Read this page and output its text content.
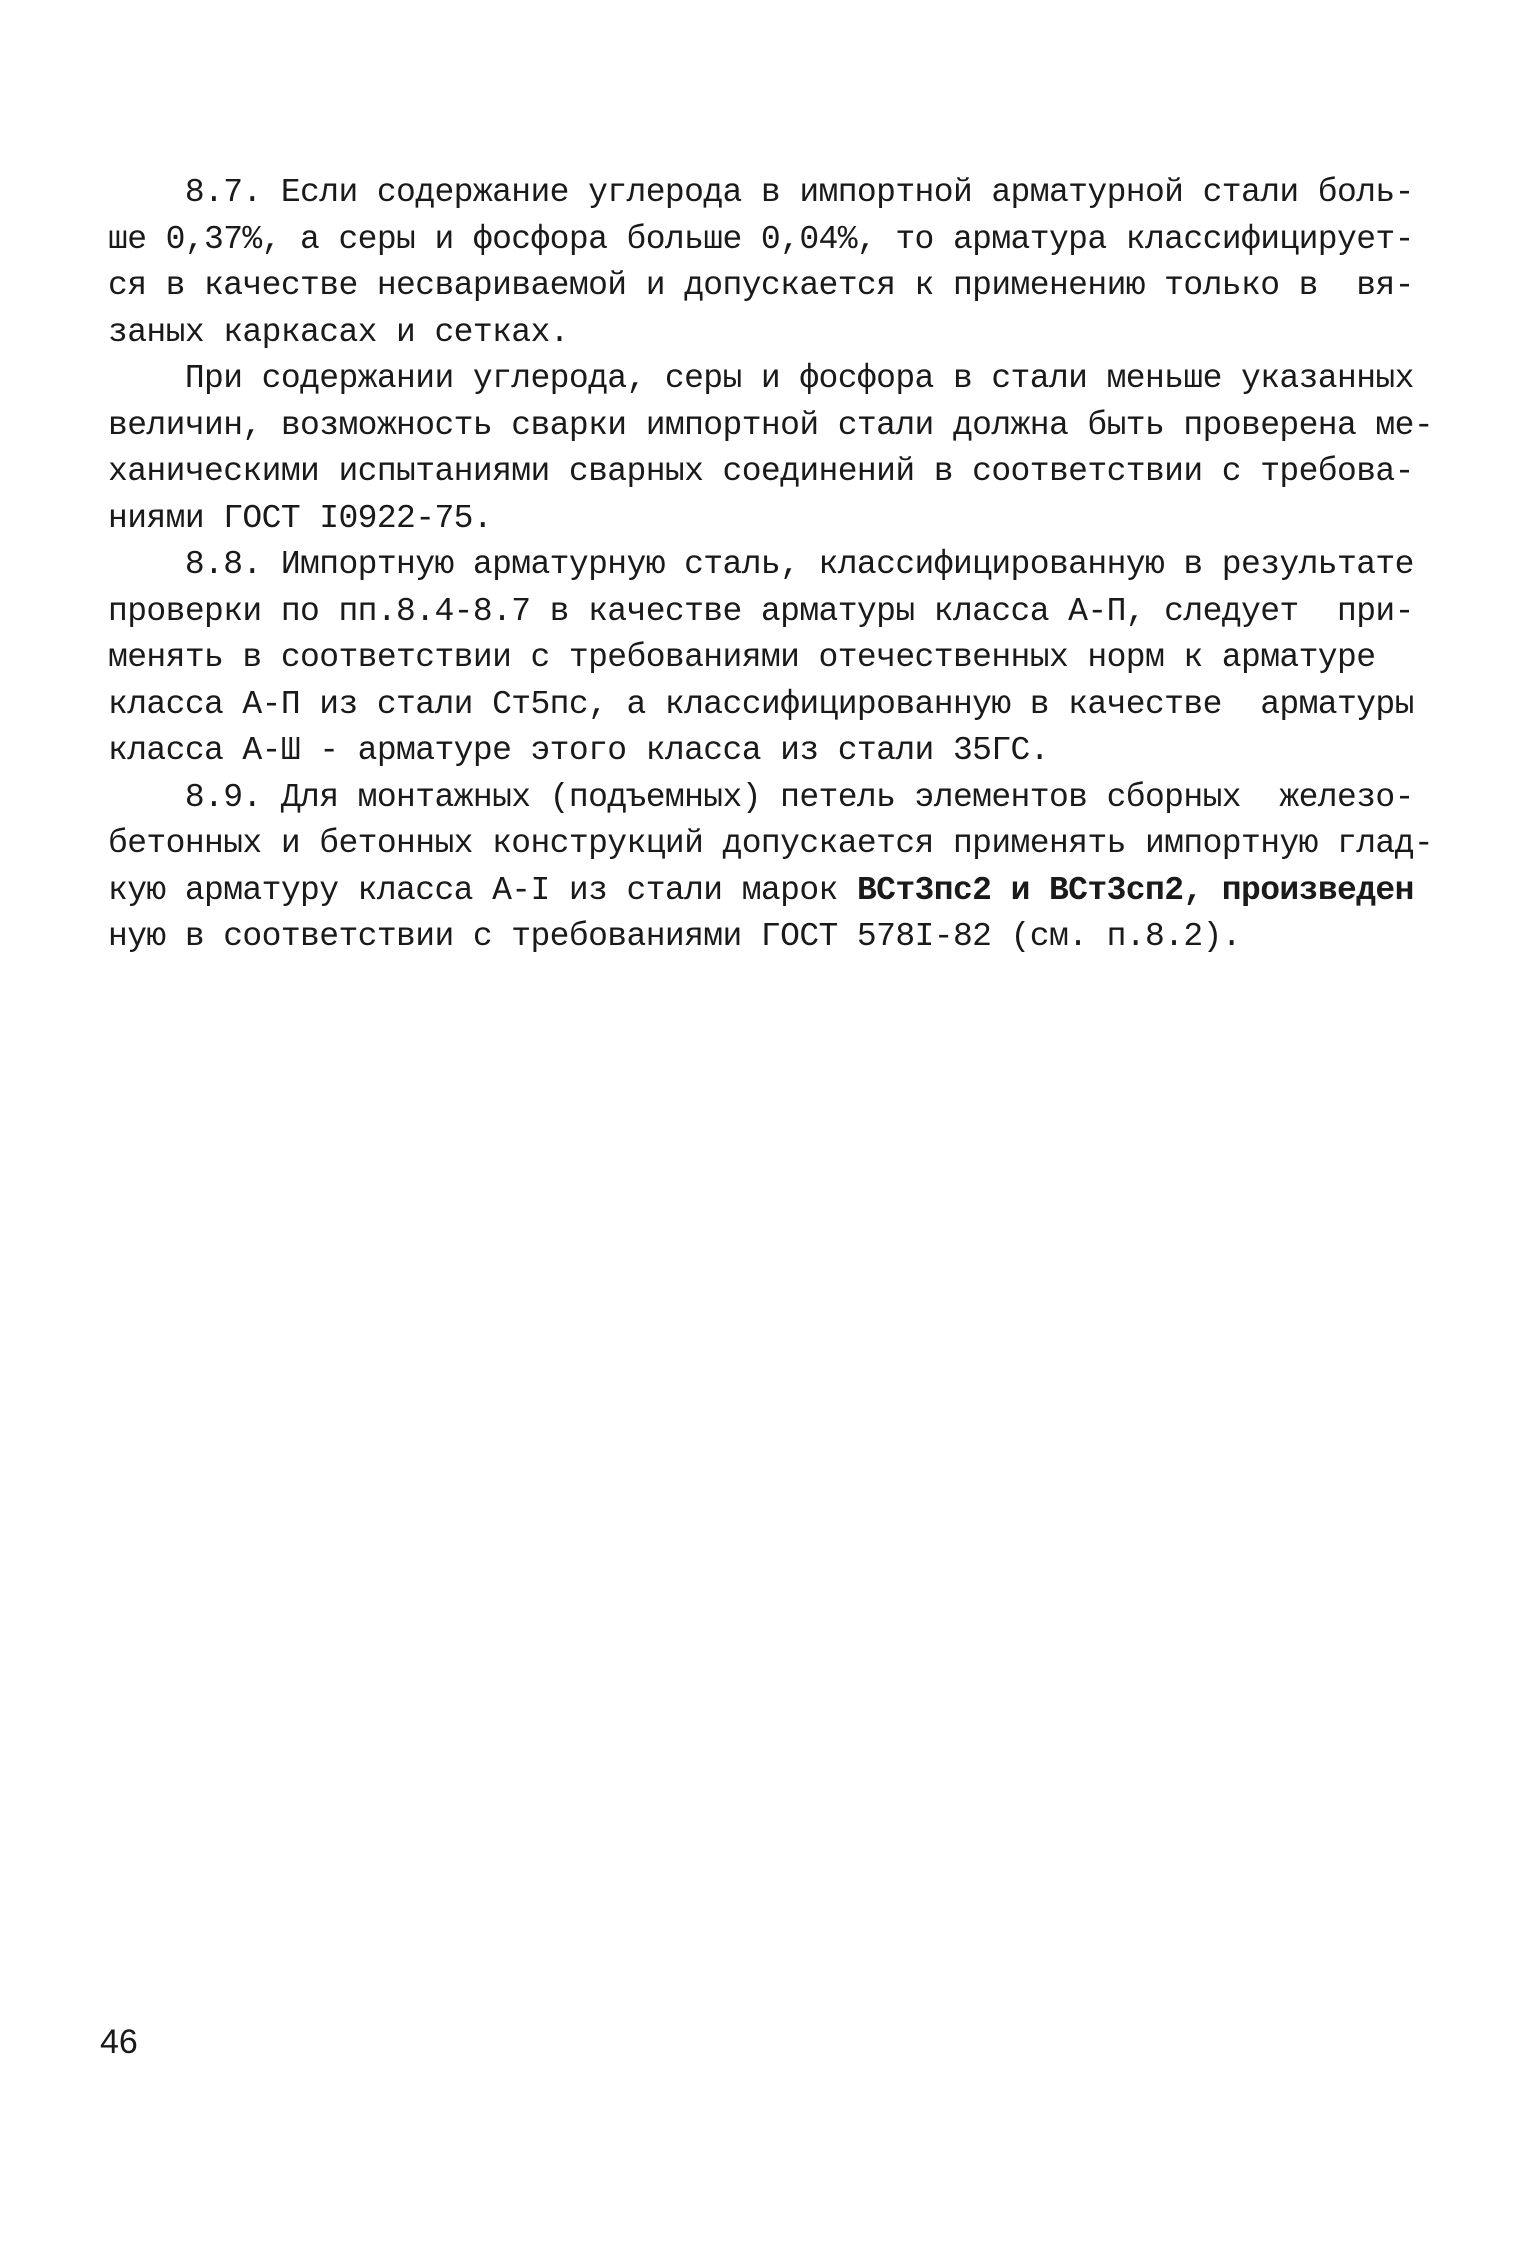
8.7. Если содержание углерода в импортной арматурной стали боль-
ше 0,37%, а серы и фосфора больше 0,04%, то арматура классифицирует-
ся в качестве несвариваемой и допускается к применению только в  вя-
заных каркасах и сетках.
При содержании углерода, серы и фосфора в стали меньше указанных
величин, возможность сварки импортной стали должна быть проверена ме-
ханическими испытаниями сварных соединений в соответствии с требова-
ниями ГОСТ I0922-75.
8.8. Импортную арматурную сталь, классифицированную в результате
проверки по пп.8.4-8.7 в качестве арматуры класса А-П, следует  при-
менять в соответствии с требованиями отечественных норм к арматуре
класса А-П из стали Ст5пс, а классифицированную в качестве  арматуры
класса А-Ш - арматуре этого класса из стали 35ГС.
8.9. Для монтажных (подъемных) петель элементов сборных  железо-
бетонных и бетонных конструкций допускается применять импортную глад-
кую арматуру класса А-I из стали марок ВСт3пс2 и ВСт3сп2, произведен
ную в соответствии с требованиями ГОСТ 578I-82 (см. п.8.2).
46
